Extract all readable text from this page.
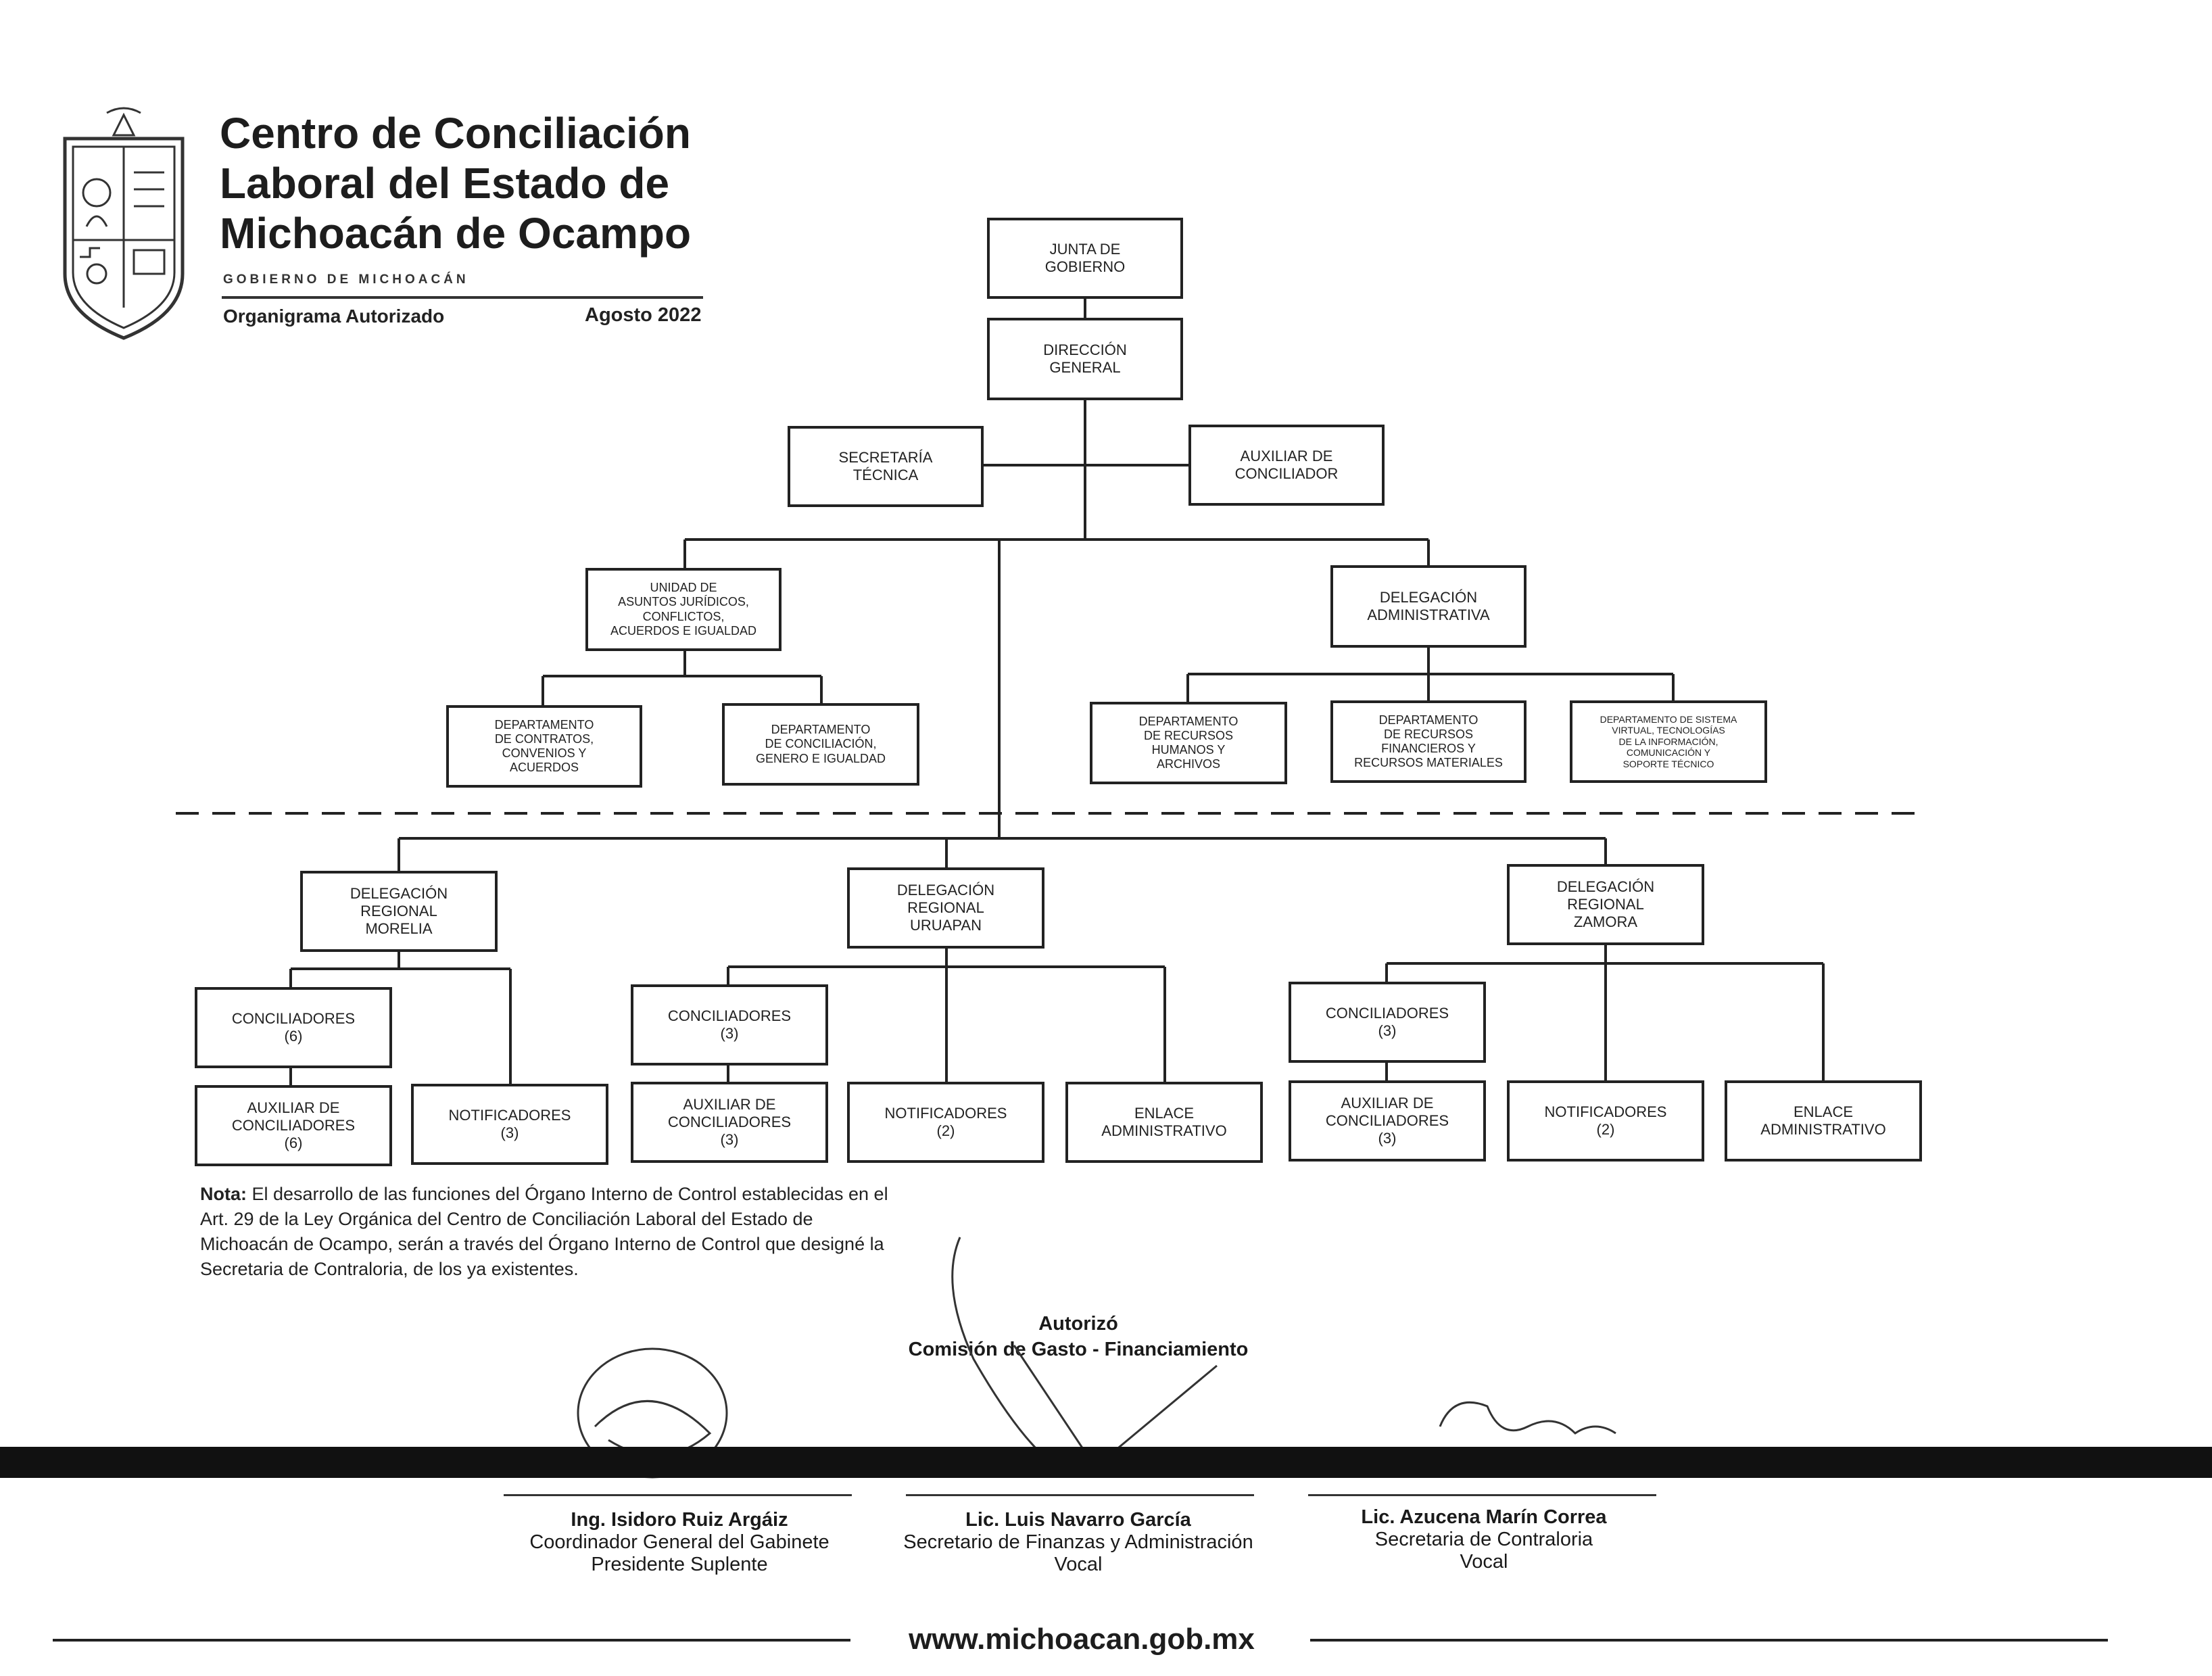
Centro de Conciliación
Laboral del Estado de
Michoacán de Ocampo
GOBIERNO DE MICHOACÁN
Organigrama Autorizado	Agosto 2022
JUNTA DE
GOBIERNO
DIRECCIÓN
GENERAL
SECRETARÍA
TÉCNICA
AUXILIAR DE
CONCILIADOR
UNIDAD DE
ASUNTOS JURÍDICOS,
CONFLICTOS,
ACUERDOS E IGUALDAD
DELEGACIÓN
ADMINISTRATIVA
DEPARTAMENTO
DE CONTRATOS,
CONVENIOS Y
ACUERDOS
DEPARTAMENTO
DE CONCILIACIÓN,
GENERO E IGUALDAD
DEPARTAMENTO
DE RECURSOS
HUMANOS Y
ARCHIVOS
DEPARTAMENTO
DE RECURSOS
FINANCIEROS Y
RECURSOS MATERIALES
DEPARTAMENTO DE SISTEMA
VIRTUAL, TECNOLOGÍAS
DE LA INFORMACIÓN,
COMUNICACIÓN Y
SOPORTE TÉCNICO
DELEGACIÓN
REGIONAL
MORELIA
DELEGACIÓN
REGIONAL
URUAPAN
DELEGACIÓN
REGIONAL
ZAMORA
CONCILIADORES
(6)
AUXILIAR DE
CONCILIADORES
(6)
NOTIFICADORES
(3)
CONCILIADORES
(3)
AUXILIAR DE
CONCILIADORES
(3)
NOTIFICADORES
(2)
ENLACE
ADMINISTRATIVO
CONCILIADORES
(3)
AUXILIAR DE
CONCILIADORES
(3)
NOTIFICADORES
(2)
ENLACE
ADMINISTRATIVO
Nota: El desarrollo de las funciones del Órgano Interno de Control establecidas en el Art. 29 de la Ley Orgánica del Centro de Conciliación Laboral del Estado de Michoacán de Ocampo, serán a través del Órgano Interno de Control que designé la Secretaria de Contraloria, de los ya existentes.
Autorizó
Comisión de Gasto - Financiamiento
Ing. Isidoro Ruiz Argáiz
Coordinador General del Gabinete
Presidente Suplente
Lic. Luis Navarro García
Secretario de Finanzas y Administración
Vocal
Lic. Azucena Marín Correa
Secretaria de Contraloria
Vocal
www.michoacan.gob.mx
